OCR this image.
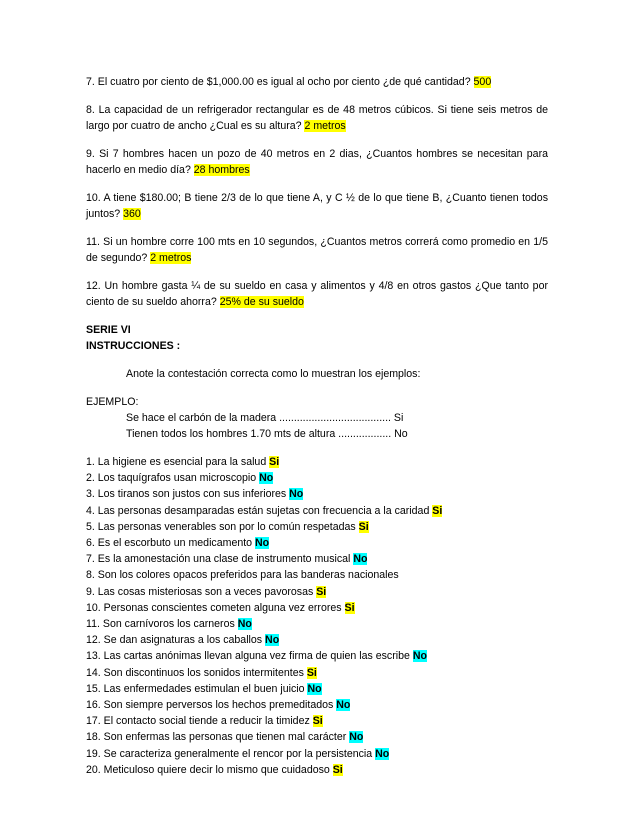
7. El cuatro por ciento de $1,000.00 es igual al ocho por ciento ¿de qué cantidad? 500
8. La capacidad de un refrigerador rectangular es de 48 metros cúbicos. Si tiene seis metros de largo por cuatro de ancho ¿Cual es su altura? 2 metros
9. Si 7 hombres hacen un pozo de 40 metros en 2 dias, ¿Cuantos hombres se necesitan para hacerlo en medio día? 28 hombres
10. A tiene $180.00; B tiene 2/3 de lo que tiene A, y C ½ de lo que tiene B, ¿Cuanto tienen todos juntos? 360
11. Si un hombre corre 100 mts en 10 segundos, ¿Cuantos metros correrá como promedio en 1/5 de segundo? 2 metros
12. Un hombre gasta ¼ de su sueldo en casa y alimentos y 4/8 en otros gastos ¿Que tanto por ciento de su sueldo ahorra? 25% de su sueldo
SERIE VI
INSTRUCCIONES :
Anote la contestación correcta como lo muestran los ejemplos:
EJEMPLO:
Se hace el carbón de la madera ...................................... Si
Tienen todos los hombres 1.70 mts de altura .................. No
1. La higiene es esencial para la salud Si
2. Los taquígrafos usan microscopio No
3. Los tiranos son justos con sus inferiores No
4. Las personas desamparadas están sujetas con frecuencia a la caridad Si
5. Las personas venerables son por lo común respetadas Si
6. Es el escorbuto un medicamento No
7. Es la amonestación una clase de instrumento musical No
8. Son los colores opacos preferidos para las banderas nacionales
9. Las cosas misteriosas son a veces pavorosas Si
10. Personas conscientes cometen alguna vez errores Si
11. Son carnívoros los carneros No
12. Se dan asignaturas a los caballos No
13. Las cartas anónimas llevan alguna vez firma de quien las escribe No
14. Son discontinuos los sonidos intermitentes Si
15. Las enfermedades estimulan el buen juicio No
16. Son siempre perversos los hechos premeditados No
17. El contacto social tiende a reducir la timidez Si
18. Son enfermas las personas que tienen mal carácter No
19. Se caracteriza generalmente el rencor por la persistencia No
20. Meticuloso quiere decir lo mismo que cuidadoso Si
